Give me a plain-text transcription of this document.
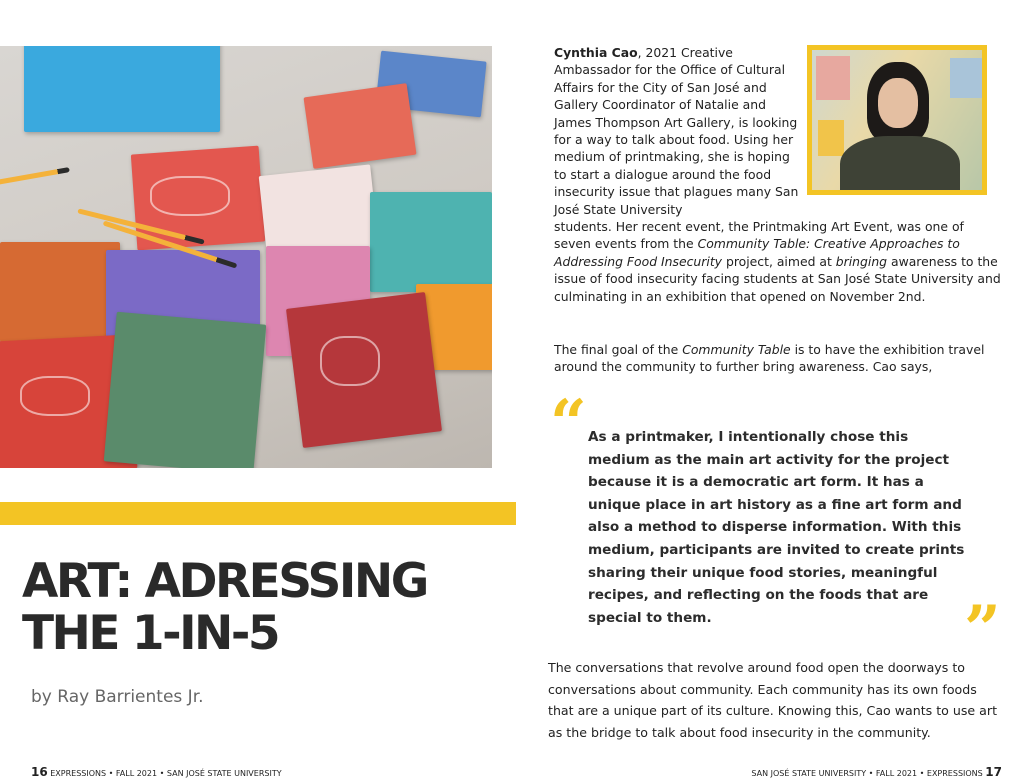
ART: ADRESSING
THE 1-IN-5
by Ray Barrientes Jr.
16 EXPRESSIONS • FALL 2021 • SAN JOSÉ STATE UNIVERSITY

Cynthia Cao, 2021 Creative Ambassador for the Office of Cultural Affairs for the City of San José and Gallery Coordinator of Natalie and James Thompson Art Gallery, is looking for a way to talk about food. Using her medium of printmaking, she is hoping to start a dialogue around the food insecurity issue that plagues many San José State University

students. Her recent event, the Printmaking Art Event, was one of seven events from the Community Table: Creative Approaches to Addressing Food Insecurity project, aimed at bringing awareness to the issue of food insecurity facing students at San José State University and culminating in an exhibition that opened on November 2nd.

The final goal of the Community Table is to have the exhibition travel around the community to further bring awareness. Cao says,

“ As a printmaker, I intentionally chose this medium as the main art activity for the project because it is a democratic art form. It has a unique place in art history as a fine art form and also a method to disperse information. With this medium, participants are invited to create prints sharing their unique food stories, meaningful recipes, and reflecting on the foods that are special to them.	”

The conversations that revolve around food open the doorways to conversations about community. Each community has its own foods that are a unique part of its culture. Knowing this, Cao wants to use art as the bridge to talk about food insecurity in the community.

SAN JOSÉ STATE UNIVERSITY • FALL 2021 • EXPRESSIONS 17
